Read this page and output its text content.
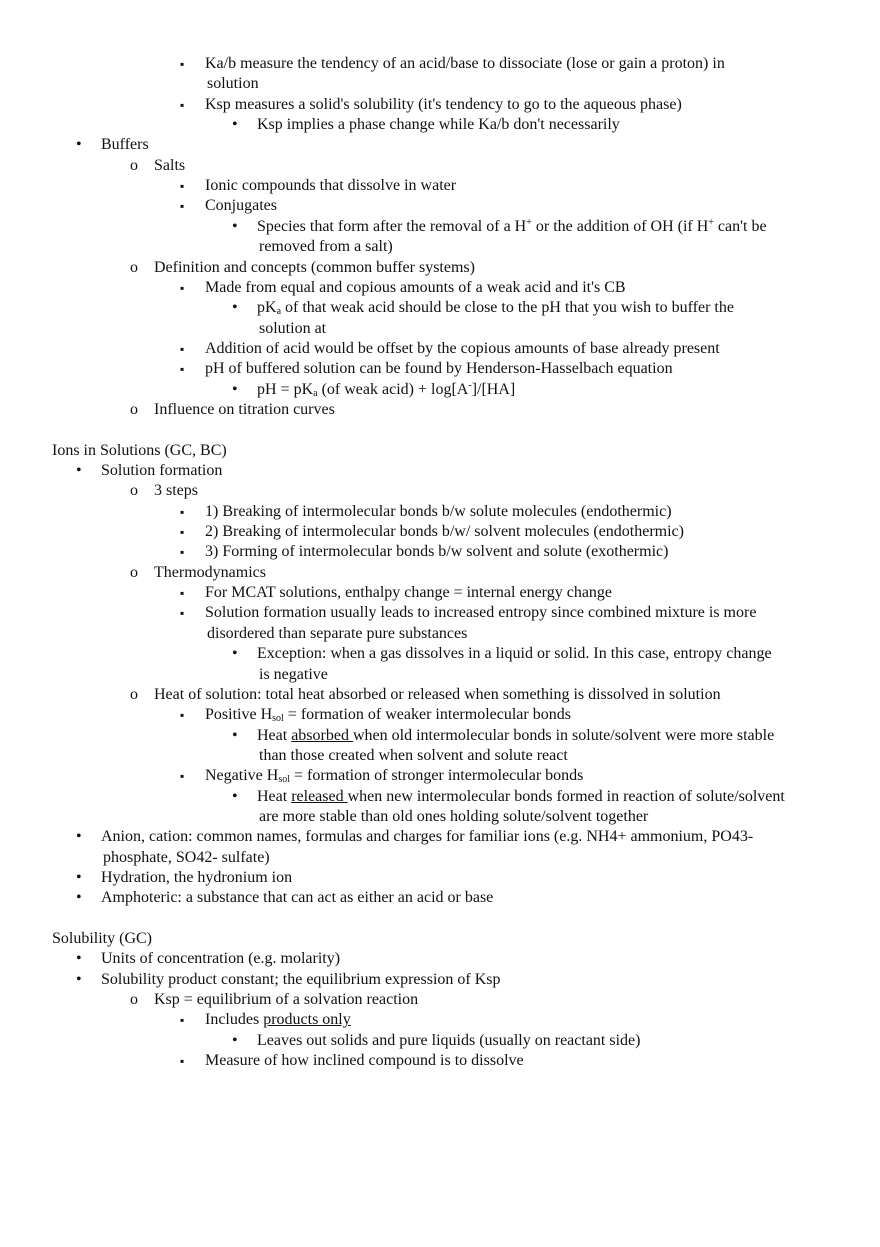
▪ Ka/b measure the tendency of an acid/base to dissociate (lose or gain a proton) in
solution
▪ Ksp measures a solid's solubility (it's tendency to go to the aqueous phase)
• Ksp implies a phase change while Ka/b don't necessarily
• Buffers
o Salts
▪ Ionic compounds that dissolve in water
▪ Conjugates
• Species that form after the removal of a H+ or the addition of OH (if H+ can't be
removed from a salt)
o Definition and concepts (common buffer systems)
▪ Made from equal and copious amounts of a weak acid and it's CB
• $pK_a$ of that weak acid should be close to the pH that you wish to buffer the
solution at
▪ Addition of acid would be offset by the copious amounts of base already present
▪ pH of buffered solution can be found by Henderson-Hasselbach equation
• pH = $pK_a$ (of weak acid) + log[A-]/[HA]
o Influence on titration curves
Ions in Solutions (GC, BC)
• Solution formation
o 3 steps
▪ 1) Breaking of intermolecular bonds b/w solute molecules (endothermic)
▪ 2) Breaking of intermolecular bonds b/w/ solvent molecules (endothermic)
▪ 3) Forming of intermolecular bonds b/w solvent and solute (exothermic)
o Thermodynamics
▪ For MCAT solutions, enthalpy change = internal energy change
▪ Solution formation usually leads to increased entropy since combined mixture is more
disordered than separate pure substances
• Exception: when a gas dissolves in a liquid or solid. In this case, entropy change
is negative
o Heat of solution: total heat absorbed or released when something is dissolved in solution
▪ Positive $H_{sol}$ = formation of weaker intermolecular bonds
• Heat absorbed when old intermolecular bonds in solute/solvent were more stable
than those created when solvent and solute react
▪ Negative $H_{sol}$ = formation of stronger intermolecular bonds
• Heat released when new intermolecular bonds formed in reaction of solute/solvent
are more stable than old ones holding solute/solvent together
• Anion, cation: common names, formulas and charges for familiar ions (e.g. NH4+ ammonium, PO43-
phosphate, SO42- sulfate)
• Hydration, the hydronium ion
• Amphoteric: a substance that can act as either an acid or base
Solubility (GC)
• Units of concentration (e.g. molarity)
• Solubility product constant; the equilibrium expression of Ksp
o Ksp = equilibrium of a solvation reaction
▪ Includes products only
• Leaves out solids and pure liquids (usually on reactant side)
▪ Measure of how inclined compound is to dissolve
